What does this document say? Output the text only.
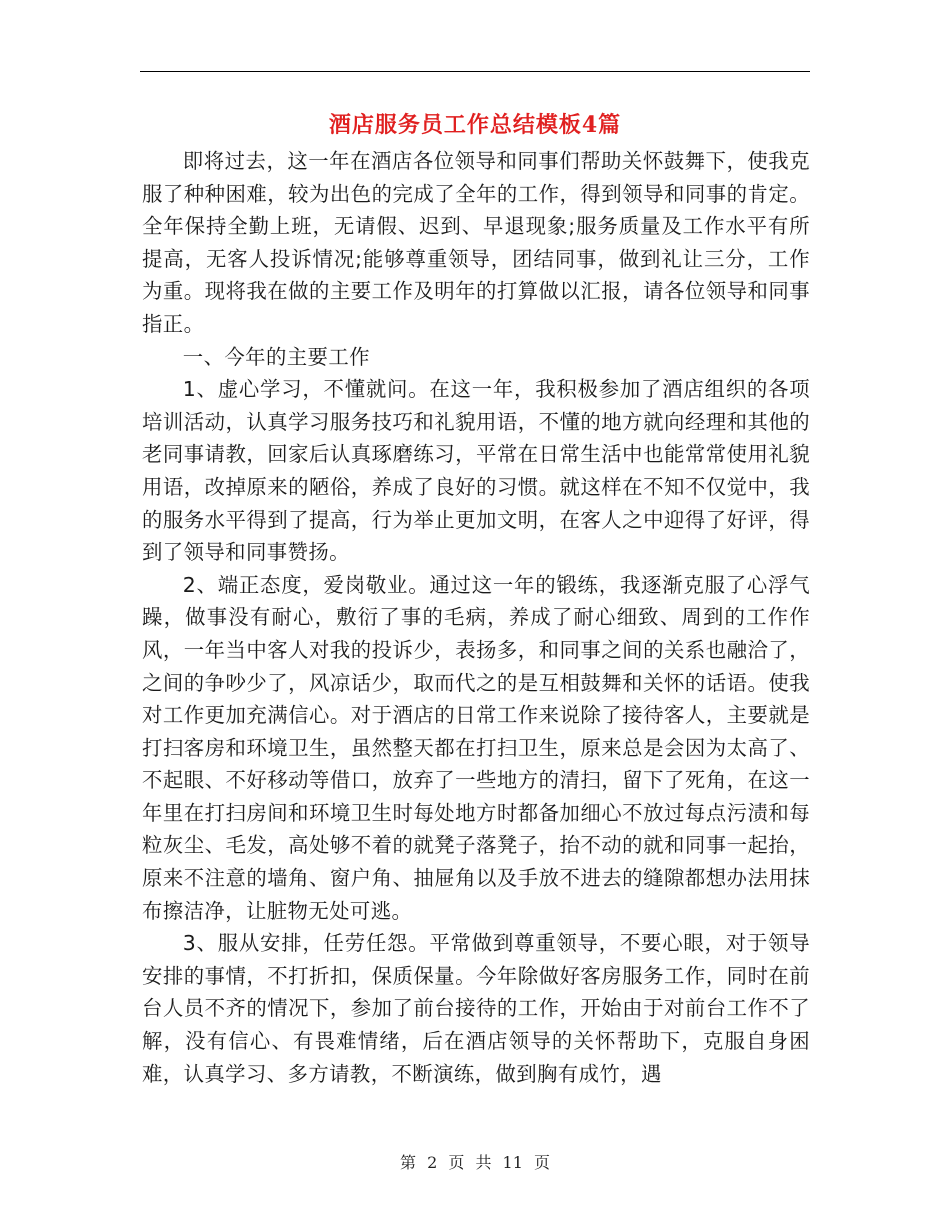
酒店服务员工作总结模板4篇

即将过去，这一年在酒店各位领导和同事们帮助关怀鼓舞下，使我克服了种种困难，较为出色的完成了全年的工作，得到领导和同事的肯定。全年保持全勤上班，无请假、迟到、早退现象;服务质量及工作水平有所提高，无客人投诉情况;能够尊重领导，团结同事，做到礼让三分，工作为重。现将我在做的主要工作及明年的打算做以汇报，请各位领导和同事指正。

一、今年的主要工作

1、虚心学习，不懂就问。在这一年，我积极参加了酒店组织的各项培训活动，认真学习服务技巧和礼貌用语，不懂的地方就向经理和其他的老同事请教，回家后认真琢磨练习，平常在日常生活中也能常常使用礼貌用语，改掉原来的陋俗，养成了良好的习惯。就这样在不知不仅觉中，我的服务水平得到了提高，行为举止更加文明，在客人之中迎得了好评，得到了领导和同事赞扬。

2、端正态度，爱岗敬业。通过这一年的锻练，我逐渐克服了心浮气躁，做事没有耐心，敷衍了事的毛病，养成了耐心细致、周到的工作作风，一年当中客人对我的投诉少，表扬多，和同事之间的关系也融洽了，之间的争吵少了，风凉话少，取而代之的是互相鼓舞和关怀的话语。使我对工作更加充满信心。对于酒店的日常工作来说除了接待客人，主要就是打扫客房和环境卫生，虽然整天都在打扫卫生，原来总是会因为太高了、不起眼、不好移动等借口，放弃了一些地方的清扫，留下了死角，在这一年里在打扫房间和环境卫生时每处地方时都备加细心不放过每点污渍和每粒灰尘、毛发，高处够不着的就凳子落凳子，抬不动的就和同事一起抬，原来不注意的墙角、窗户角、抽屉角以及手放不进去的缝隙都想办法用抹布擦洁净，让脏物无处可逃。

3、服从安排，任劳任怨。平常做到尊重领导，不要心眼，对于领导安排的事情，不打折扣，保质保量。今年除做好客房服务工作，同时在前台人员不齐的情况下，参加了前台接待的工作，开始由于对前台工作不了解，没有信心、有畏难情绪，后在酒店领导的关怀帮助下，克服自身困难，认真学习、多方请教，不断演练，做到胸有成竹，遇

第 2 页 共 11 页
